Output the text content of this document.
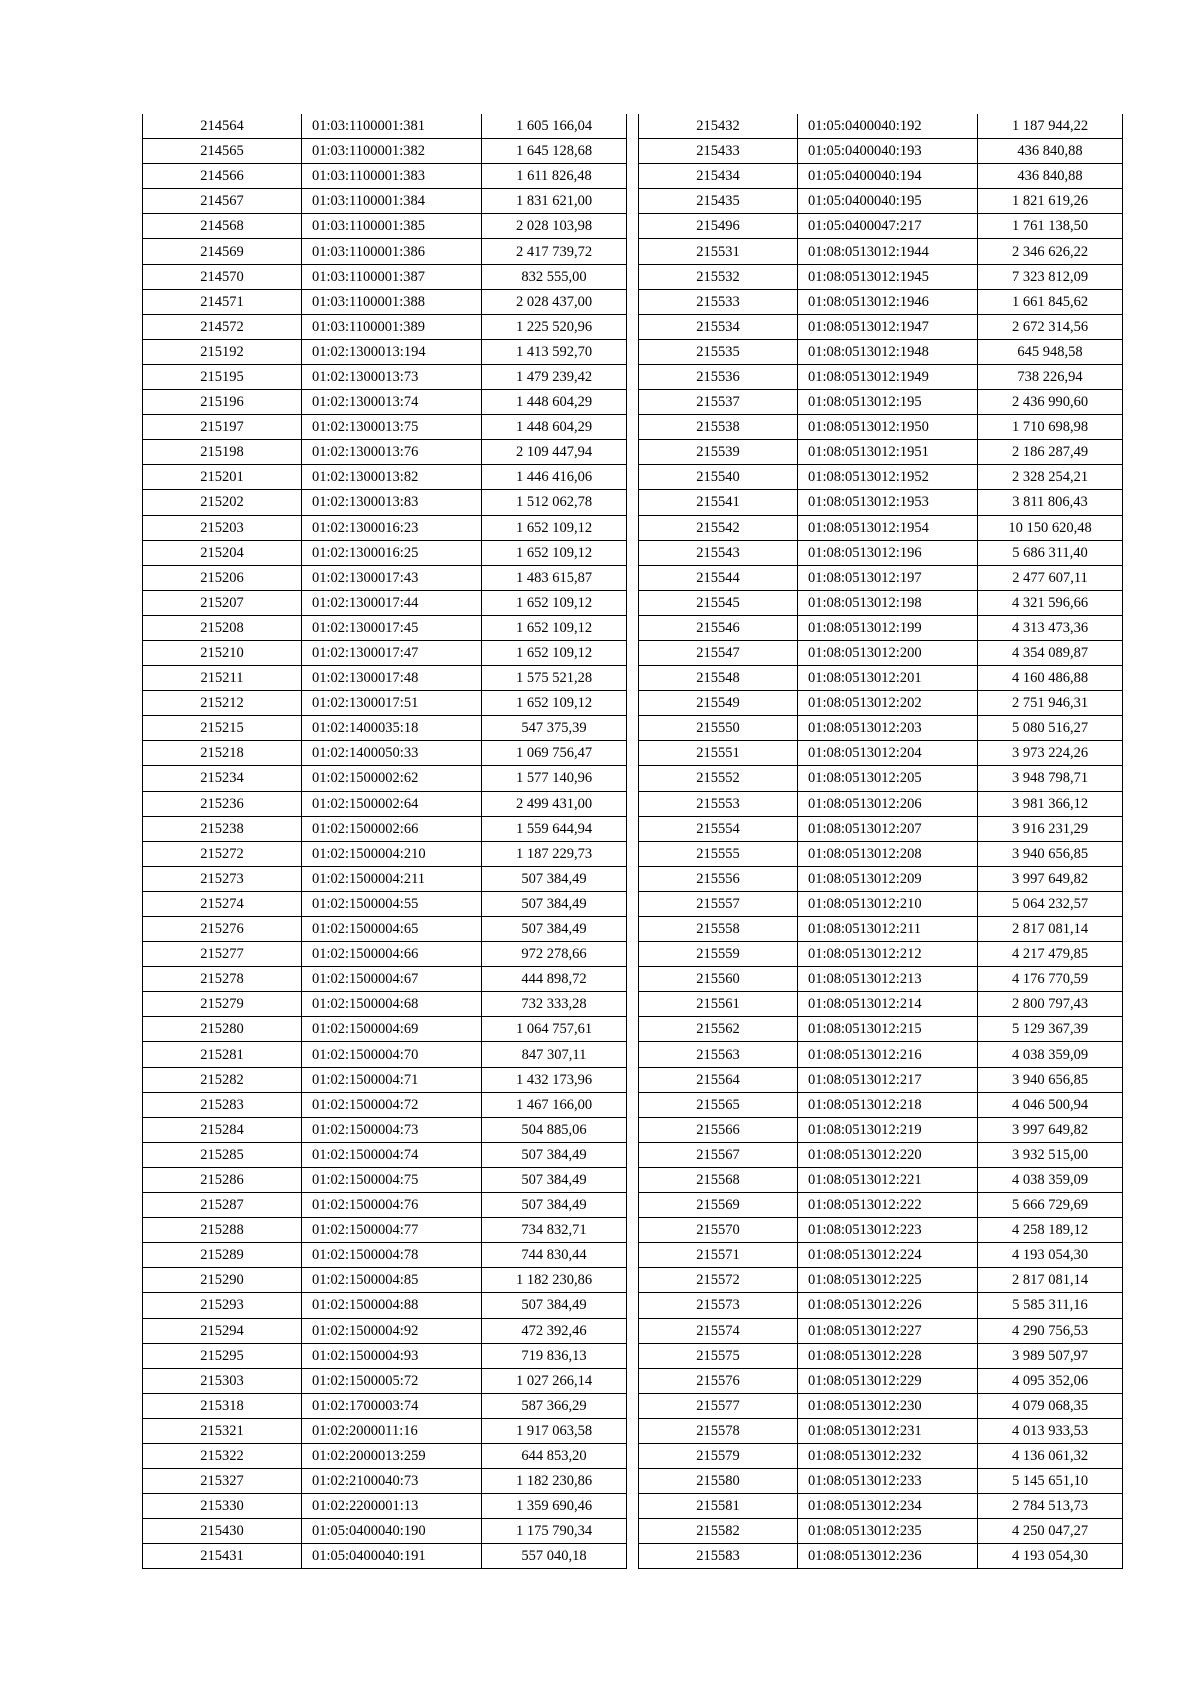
214564	01:03:1100001:381	1 605 166,04
214565	01:03:1100001:382	1 645 128,68
214566	01:03:1100001:383	1 611 826,48
214567	01:03:1100001:384	1 831 621,00
214568	01:03:1100001:385	2 028 103,98
214569	01:03:1100001:386	2 417 739,72
214570	01:03:1100001:387	832 555,00
214571	01:03:1100001:388	2 028 437,00
214572	01:03:1100001:389	1 225 520,96
215192	01:02:1300013:194	1 413 592,70
215195	01:02:1300013:73	1 479 239,42
215196	01:02:1300013:74	1 448 604,29
215197	01:02:1300013:75	1 448 604,29
215198	01:02:1300013:76	2 109 447,94
215201	01:02:1300013:82	1 446 416,06
215202	01:02:1300013:83	1 512 062,78
215203	01:02:1300016:23	1 652 109,12
215204	01:02:1300016:25	1 652 109,12
215206	01:02:1300017:43	1 483 615,87
215207	01:02:1300017:44	1 652 109,12
215208	01:02:1300017:45	1 652 109,12
215210	01:02:1300017:47	1 652 109,12
215211	01:02:1300017:48	1 575 521,28
215212	01:02:1300017:51	1 652 109,12
215215	01:02:1400035:18	547 375,39
215218	01:02:1400050:33	1 069 756,47
215234	01:02:1500002:62	1 577 140,96
215236	01:02:1500002:64	2 499 431,00
215238	01:02:1500002:66	1 559 644,94
215272	01:02:1500004:210	1 187 229,73
215273	01:02:1500004:211	507 384,49
215274	01:02:1500004:55	507 384,49
215276	01:02:1500004:65	507 384,49
215277	01:02:1500004:66	972 278,66
215278	01:02:1500004:67	444 898,72
215279	01:02:1500004:68	732 333,28
215280	01:02:1500004:69	1 064 757,61
215281	01:02:1500004:70	847 307,11
215282	01:02:1500004:71	1 432 173,96
215283	01:02:1500004:72	1 467 166,00
215284	01:02:1500004:73	504 885,06
215285	01:02:1500004:74	507 384,49
215286	01:02:1500004:75	507 384,49
215287	01:02:1500004:76	507 384,49
215288	01:02:1500004:77	734 832,71
215289	01:02:1500004:78	744 830,44
215290	01:02:1500004:85	1 182 230,86
215293	01:02:1500004:88	507 384,49
215294	01:02:1500004:92	472 392,46
215295	01:02:1500004:93	719 836,13
215303	01:02:1500005:72	1 027 266,14
215318	01:02:1700003:74	587 366,29
215321	01:02:2000011:16	1 917 063,58
215322	01:02:2000013:259	644 853,20
215327	01:02:2100040:73	1 182 230,86
215330	01:02:2200001:13	1 359 690,46
215430	01:05:0400040:190	1 175 790,34
215431	01:05:0400040:191	557 040,18
215432	01:05:0400040:192	1 187 944,22
215433	01:05:0400040:193	436 840,88
215434	01:05:0400040:194	436 840,88
215435	01:05:0400040:195	1 821 619,26
215496	01:05:0400047:217	1 761 138,50
215531	01:08:0513012:1944	2 346 626,22
215532	01:08:0513012:1945	7 323 812,09
215533	01:08:0513012:1946	1 661 845,62
215534	01:08:0513012:1947	2 672 314,56
215535	01:08:0513012:1948	645 948,58
215536	01:08:0513012:1949	738 226,94
215537	01:08:0513012:195	2 436 990,60
215538	01:08:0513012:1950	1 710 698,98
215539	01:08:0513012:1951	2 186 287,49
215540	01:08:0513012:1952	2 328 254,21
215541	01:08:0513012:1953	3 811 806,43
215542	01:08:0513012:1954	10 150 620,48
215543	01:08:0513012:196	5 686 311,40
215544	01:08:0513012:197	2 477 607,11
215545	01:08:0513012:198	4 321 596,66
215546	01:08:0513012:199	4 313 473,36
215547	01:08:0513012:200	4 354 089,87
215548	01:08:0513012:201	4 160 486,88
215549	01:08:0513012:202	2 751 946,31
215550	01:08:0513012:203	5 080 516,27
215551	01:08:0513012:204	3 973 224,26
215552	01:08:0513012:205	3 948 798,71
215553	01:08:0513012:206	3 981 366,12
215554	01:08:0513012:207	3 916 231,29
215555	01:08:0513012:208	3 940 656,85
215556	01:08:0513012:209	3 997 649,82
215557	01:08:0513012:210	5 064 232,57
215558	01:08:0513012:211	2 817 081,14
215559	01:08:0513012:212	4 217 479,85
215560	01:08:0513012:213	4 176 770,59
215561	01:08:0513012:214	2 800 797,43
215562	01:08:0513012:215	5 129 367,39
215563	01:08:0513012:216	4 038 359,09
215564	01:08:0513012:217	3 940 656,85
215565	01:08:0513012:218	4 046 500,94
215566	01:08:0513012:219	3 997 649,82
215567	01:08:0513012:220	3 932 515,00
215568	01:08:0513012:221	4 038 359,09
215569	01:08:0513012:222	5 666 729,69
215570	01:08:0513012:223	4 258 189,12
215571	01:08:0513012:224	4 193 054,30
215572	01:08:0513012:225	2 817 081,14
215573	01:08:0513012:226	5 585 311,16
215574	01:08:0513012:227	4 290 756,53
215575	01:08:0513012:228	3 989 507,97
215576	01:08:0513012:229	4 095 352,06
215577	01:08:0513012:230	4 079 068,35
215578	01:08:0513012:231	4 013 933,53
215579	01:08:0513012:232	4 136 061,32
215580	01:08:0513012:233	5 145 651,10
215581	01:08:0513012:234	2 784 513,73
215582	01:08:0513012:235	4 250 047,27
215583	01:08:0513012:236	4 193 054,30
